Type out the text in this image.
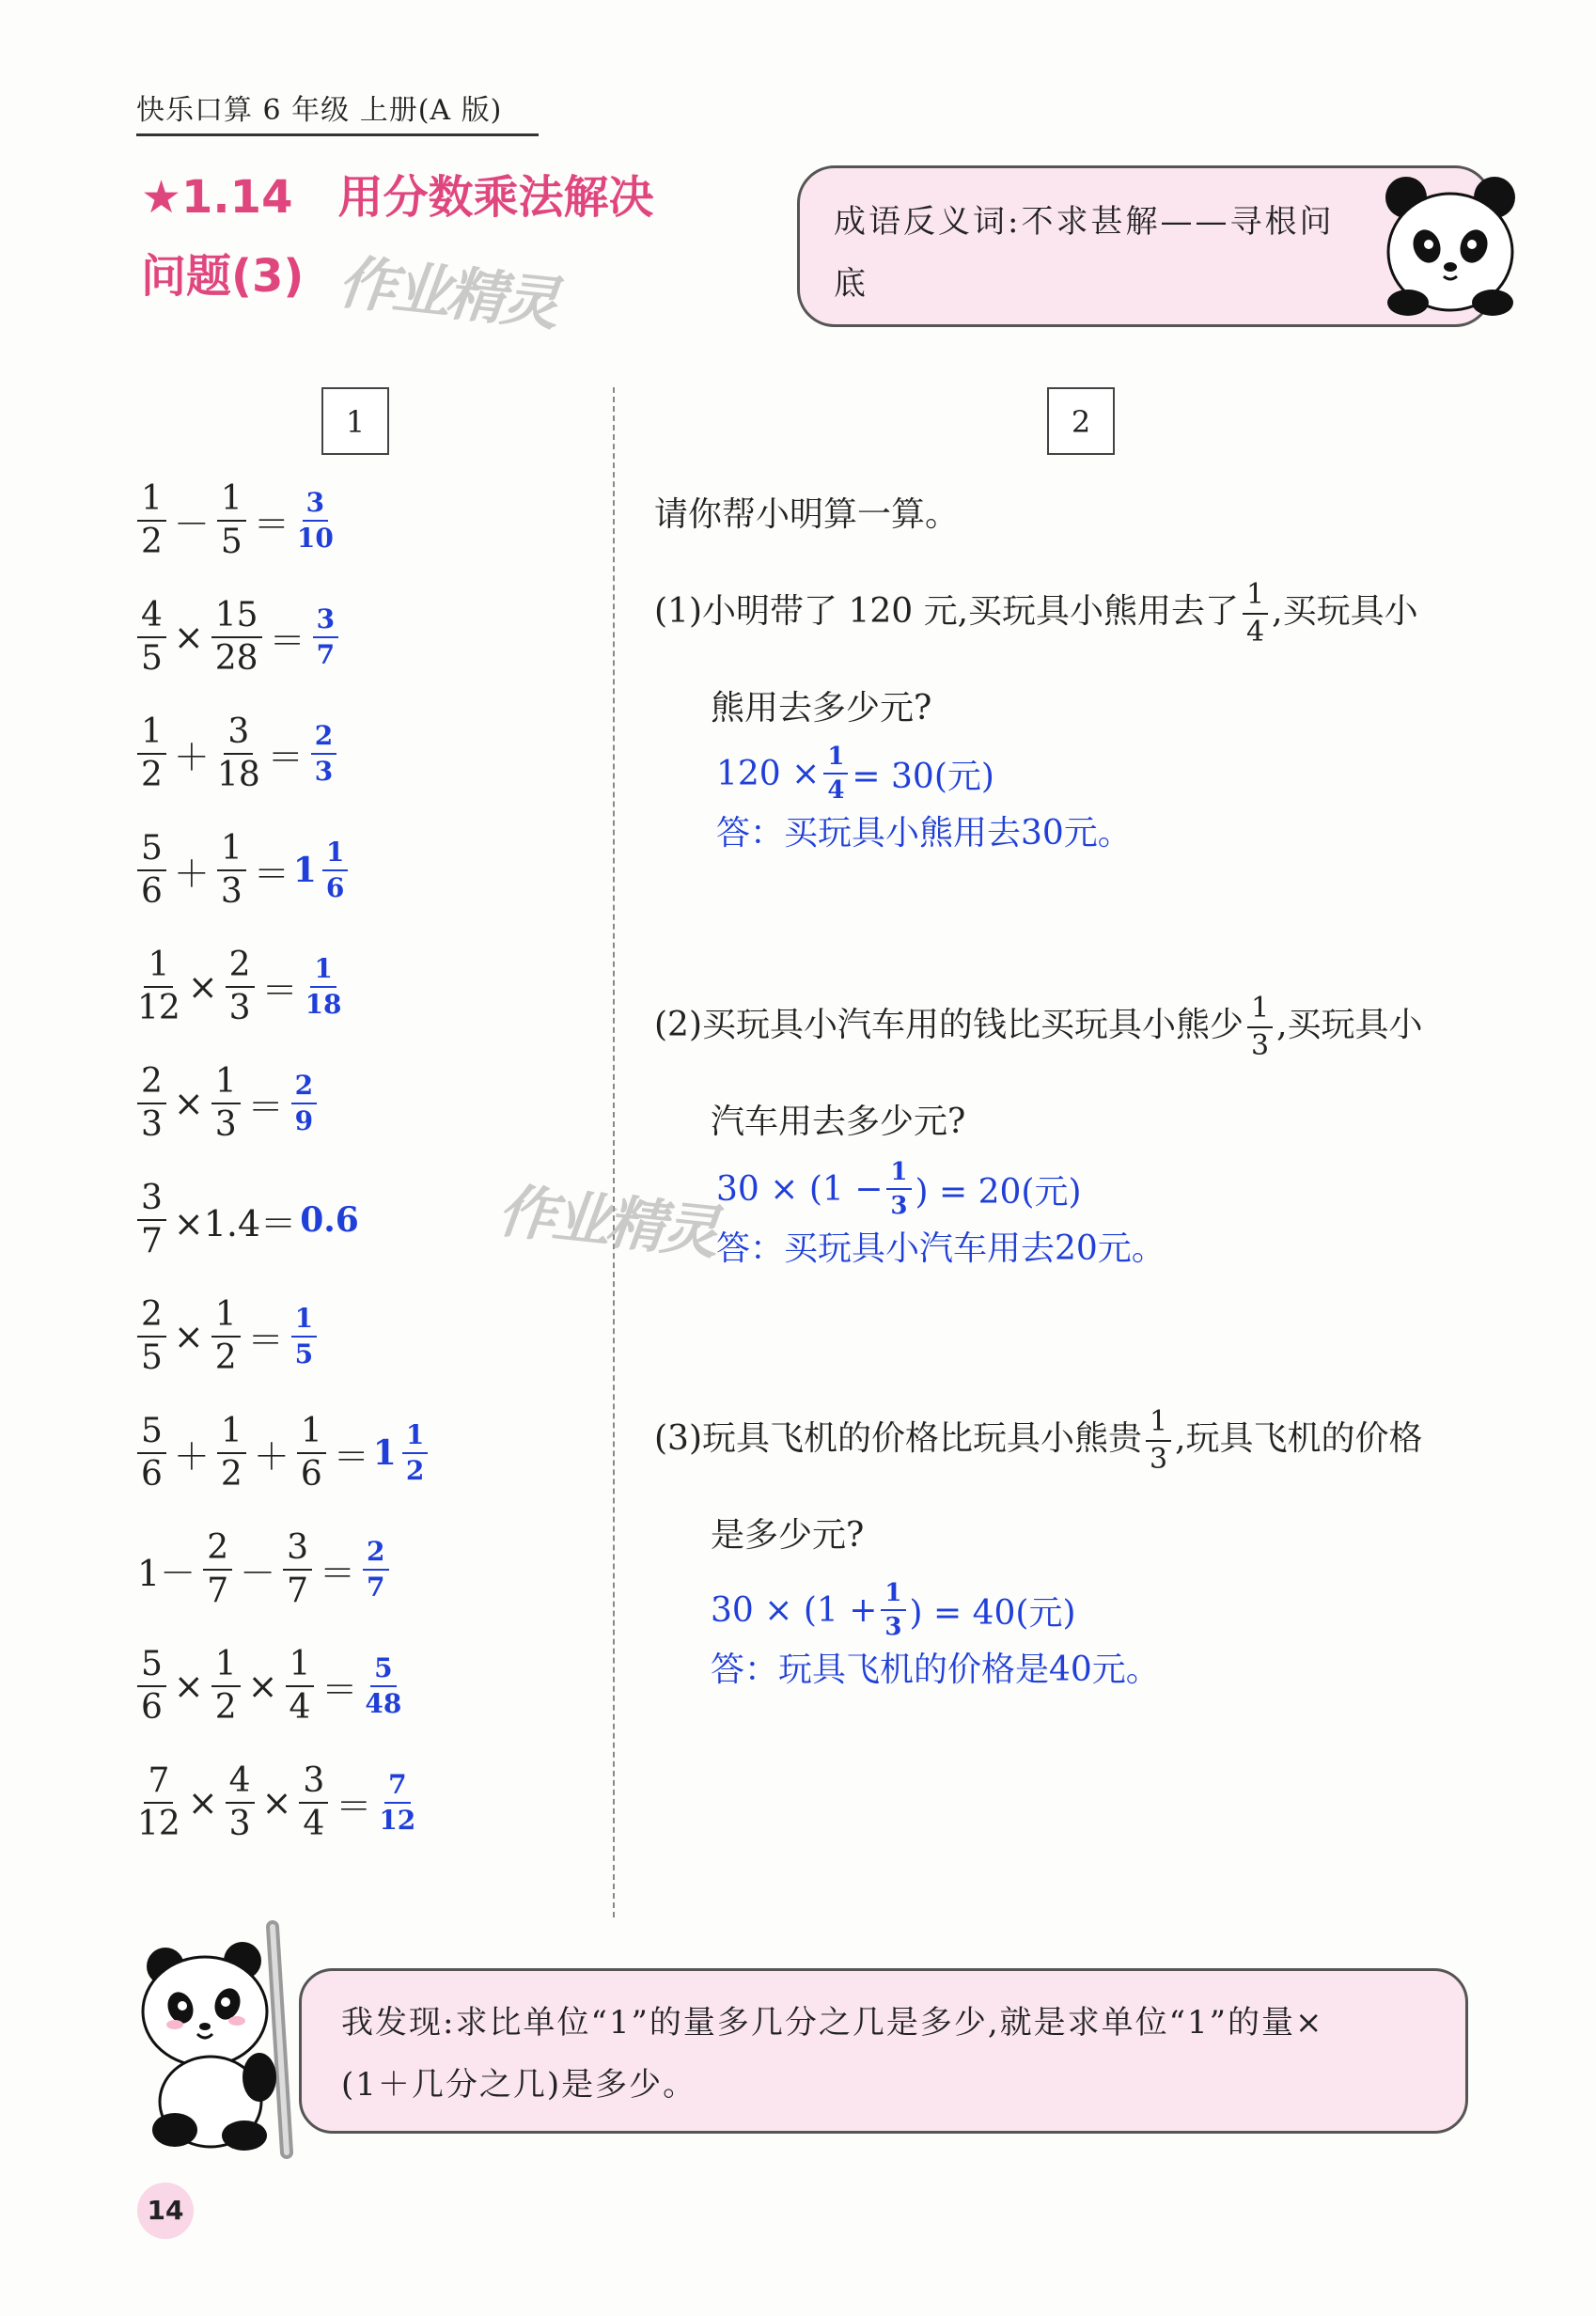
快乐口算 6 年级 上册(A 版)
★1.14　用分数乘法解决
问题(3) 作业精灵
成语反义词:不求甚解——寻根问底
1	2
$\frac{1}{2} - \frac{1}{5} = \frac{3}{10}$
$\frac{4}{5} \times \frac{15}{28} = \frac{3}{7}$
$\frac{1}{2} + \frac{3}{18} = \frac{2}{3}$
$\frac{5}{6} + \frac{1}{3} = 1 \frac{1}{6}$
$\frac{1}{12} \times \frac{2}{3} = \frac{1}{18}$
$\frac{2}{3} \times \frac{1}{3} = \frac{2}{9}$
$\frac{3}{7} \times 1.4= 0.6$
$\frac{2}{5} \times \frac{1}{2} = \frac{1}{5}$
$\frac{5}{6} + \frac{1}{2} + \frac{1}{6} = 1 \frac{1}{2}$
$1- \frac{2}{7} - \frac{3}{7} = \frac{2}{7}$
$\frac{5}{6} \times \frac{1}{2} \times \frac{1}{4} = \frac{5}{48}$
$\frac{7}{12} \times \frac{4}{3} \times \frac{3}{4} = \frac{7}{12}$
请你帮小明算一算。
(1)小明带了 120 元,买玩具小熊用去了 $\frac{1}{4}$ ,买玩具小
熊用去多少元?
$120 \times \frac{1}{4} = 30$(元)
答：买玩具小熊用去30元。
(2)买玩具小汽车用的钱比买玩具小熊少 $\frac{1}{3}$ ,买玩具小
汽车用去多少元?
$30 \times (1 - \frac{1}{3}$ ) = 20(元)
答：买玩具小汽车用去20元。
作业精灵
(3)玩具飞机的价格比玩具小熊贵 $\frac{1}{3}$ ,玩具飞机的价格
是多少元?
$30 \times (1 + \frac{1}{3}$ ) = 40(元)
答：玩具飞机的价格是40元。
我发现:求比单位“1”的量多几分之几是多少,就是求单位“1”的量×
(1＋几分之几)是多少。
14
